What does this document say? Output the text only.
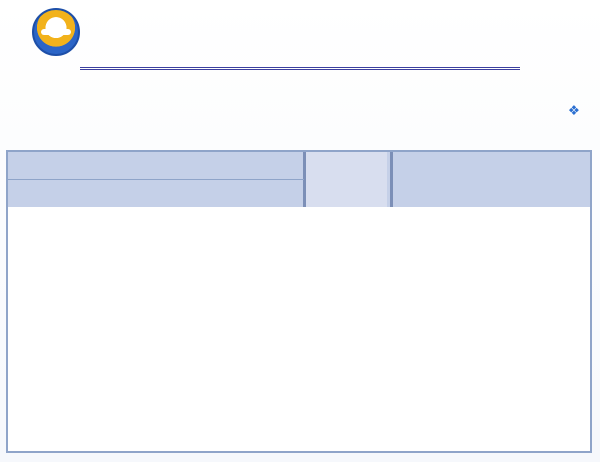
❖
